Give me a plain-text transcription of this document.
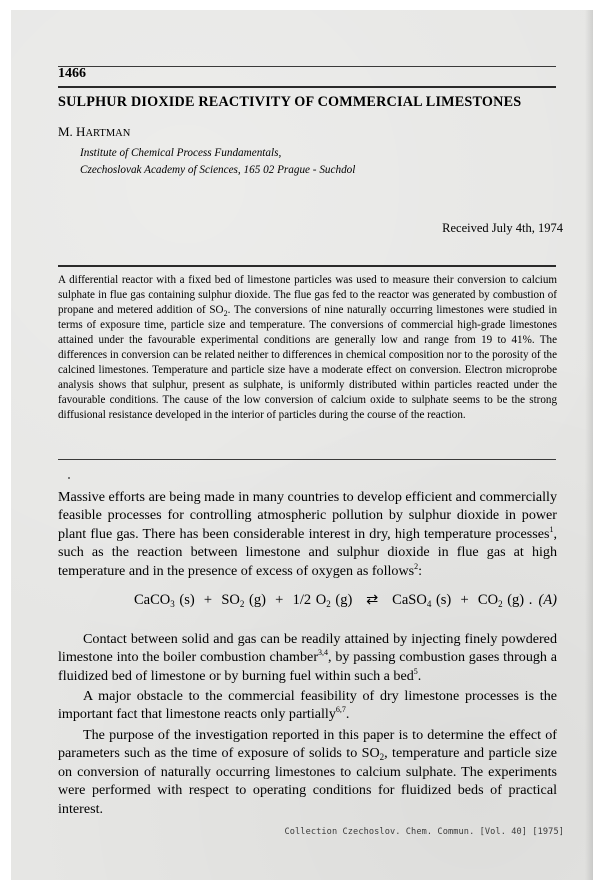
1466
SULPHUR DIOXIDE REACTIVITY OF COMMERCIAL LIMESTONES
M. HARTMAN
Institute of Chemical Process Fundamentals,
Czechoslovak Academy of Sciences, 165 02 Prague - Suchdol
Received July 4th, 1974

A differential reactor with a fixed bed of limestone particles was used to measure their conversion to calcium sulphate in flue gas containing sulphur dioxide. The flue gas fed to the reactor was generated by combustion of propane and metered addition of $SO_2$. The conversions of nine naturally occurring limestones were studied in terms of exposure time, particle size and temperature. The conversions of commercial high-grade limestones attained under the favourable experimental conditions are generally low and range from 19 to 41%. The differences in conversion can be related neither to differences in chemical composition nor to the porosity of the calcined limestones. Temperature and particle size have a moderate effect on conversion. Electron microprobe analysis shows that sulphur, present as sulphate, is uniformly distributed within particles reacted under the favourable conditions. The cause of the low conversion of calcium oxide to sulphate seems to be the strong diffusional resistance developed in the interior of particles during the course of the reaction.

Massive efforts are being made in many countries to develop efficient and commercially feasible processes for controlling atmospheric pollution by sulphur dioxide in power plant flue gas. There has been considerable interest in dry, high temperature processes$^1$, such as the reaction between limestone and sulphur dioxide in flue gas at high temperature and in the presence of excess of oxygen as follows$^2$:

CaCO$_3$ $(s) + SO_2$ (g)  +  1/2 $O_2$ (g)   ⇄   CaSO$_4$ $(s) + CO_2$ (g) . (A)

Contact between solid and gas can be readily attained by injecting finely powdered limestone into the boiler combustion chamber$^{3,4}$, by passing combustion gases through a fluidized bed of limestone or by burning fuel within such a bed$^5$.

A major obstacle to the commercial feasibility of dry limestone processes is the important fact that limestone reacts only partially$^{6,7}$.

The purpose of the investigation reported in this paper is to determine the effect of parameters such as the time of exposure of solids to $SO_2$, temperature and particle size on conversion of naturally occurring limestones to calcium sulphate. The experiments were performed with respect to operating conditions for fluidized beds of practical interest.

Collection Czechoslov. Chem. Commun. [Vol. 40] [1975]
